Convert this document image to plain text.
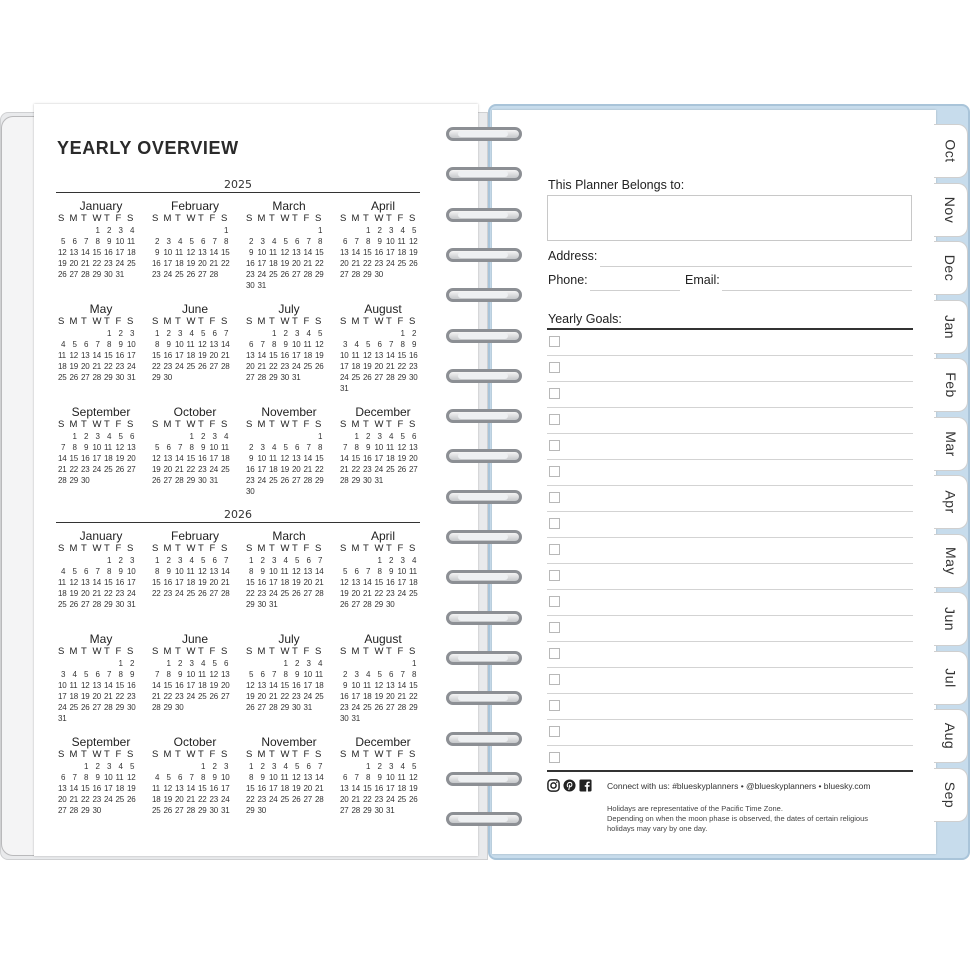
Oct
Nov
Dec
Jan
Feb
Mar
Apr
May
Jun
Jul
Aug
Sep
YEARLY OVERVIEW
2025
January
S M T W T F S
1 2 3 4
5 6 7 8 9 10 11
12 13 14 15 16 17 18
19 20 21 22 23 24 25
26 27 28 29 30 31
February
S M T W T F S
1
2 3 4 5 6 7 8
9 10 11 12 13 14 15
16 17 18 19 20 21 22
23 24 25 26 27 28
March
S M T W T F S
1
2 3 4 5 6 7 8
9 10 11 12 13 14 15
16 17 18 19 20 21 22
23 24 25 26 27 28 29
30 31
April
S M T W T F S
1 2 3 4 5
6 7 8 9 10 11 12
13 14 15 16 17 18 19
20 21 22 23 24 25 26
27 28 29 30
May
S M T W T F S
1 2 3
4 5 6 7 8 9 10
11 12 13 14 15 16 17
18 19 20 21 22 23 24
25 26 27 28 29 30 31
June
S M T W T F S
1 2 3 4 5 6 7
8 9 10 11 12 13 14
15 16 17 18 19 20 21
22 23 24 25 26 27 28
29 30
July
S M T W T F S
1 2 3 4 5
6 7 8 9 10 11 12
13 14 15 16 17 18 19
20 21 22 23 24 25 26
27 28 29 30 31
August
S M T W T F S
1 2
3 4 5 6 7 8 9
10 11 12 13 14 15 16
17 18 19 20 21 22 23
24 25 26 27 28 29 30
31
September
S M T W T F S
1 2 3 4 5 6
7 8 9 10 11 12 13
14 15 16 17 18 19 20
21 22 23 24 25 26 27
28 29 30
October
S M T W T F S
1 2 3 4
5 6 7 8 9 10 11
12 13 14 15 16 17 18
19 20 21 22 23 24 25
26 27 28 29 30 31
November
S M T W T F S
1
2 3 4 5 6 7 8
9 10 11 12 13 14 15
16 17 18 19 20 21 22
23 24 25 26 27 28 29
30
December
S M T W T F S
1 2 3 4 5 6
7 8 9 10 11 12 13
14 15 16 17 18 19 20
21 22 23 24 25 26 27
28 29 30 31
2026
January
S M T W T F S
1 2 3
4 5 6 7 8 9 10
11 12 13 14 15 16 17
18 19 20 21 22 23 24
25 26 27 28 29 30 31
February
S M T W T F S
1 2 3 4 5 6 7
8 9 10 11 12 13 14
15 16 17 18 19 20 21
22 23 24 25 26 27 28
March
S M T W T F S
1 2 3 4 5 6 7
8 9 10 11 12 13 14
15 16 17 18 19 20 21
22 23 24 25 26 27 28
29 30 31
April
S M T W T F S
1 2 3 4
5 6 7 8 9 10 11
12 13 14 15 16 17 18
19 20 21 22 23 24 25
26 27 28 29 30
May
S M T W T F S
1 2
3 4 5 6 7 8 9
10 11 12 13 14 15 16
17 18 19 20 21 22 23
24 25 26 27 28 29 30
31
June
S M T W T F S
1 2 3 4 5 6
7 8 9 10 11 12 13
14 15 16 17 18 19 20
21 22 23 24 25 26 27
28 29 30
July
S M T W T F S
1 2 3 4
5 6 7 8 9 10 11
12 13 14 15 16 17 18
19 20 21 22 23 24 25
26 27 28 29 30 31
August
S M T W T F S
1
2 3 4 5 6 7 8
9 10 11 12 13 14 15
16 17 18 19 20 21 22
23 24 25 26 27 28 29
30 31
September
S M T W T F S
1 2 3 4 5
6 7 8 9 10 11 12
13 14 15 16 17 18 19
20 21 22 23 24 25 26
27 28 29 30
October
S M T W T F S
1 2 3
4 5 6 7 8 9 10
11 12 13 14 15 16 17
18 19 20 21 22 23 24
25 26 27 28 29 30 31
November
S M T W T F S
1 2 3 4 5 6 7
8 9 10 11 12 13 14
15 16 17 18 19 20 21
22 23 24 25 26 27 28
29 30
December
S M T W T F S
1 2 3 4 5
6 7 8 9 10 11 12
13 14 15 16 17 18 19
20 21 22 23 24 25 26
27 28 29 30 31
This Planner Belongs to:
Address:
Phone:	Email:
Yearly Goals:
Connect with us: #blueskyplanners • @blueskyplanners • bluesky.com
Holidays are representative of the Pacific Time Zone.
Depending on when the moon phase is observed, the dates of certain religious
holidays may vary by one day.
